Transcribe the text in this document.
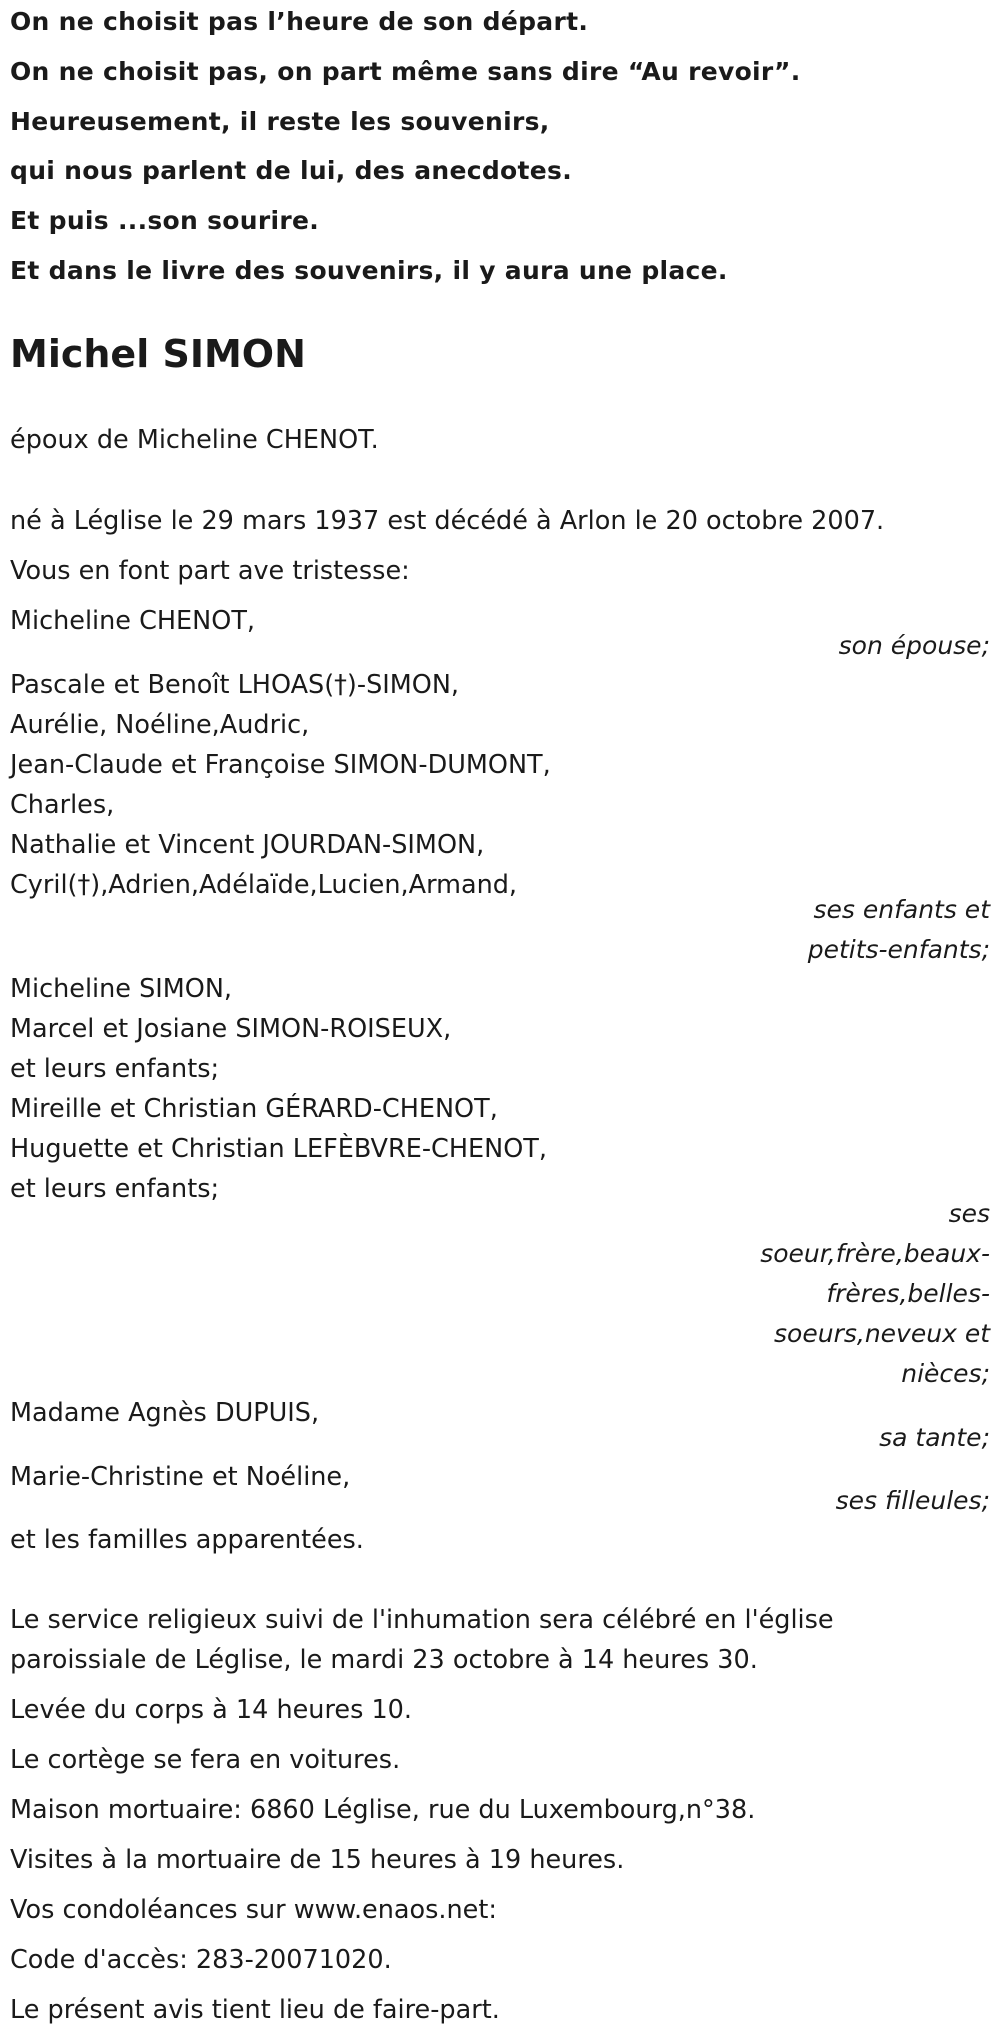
On ne choisit pas l’heure de son départ.
On ne choisit pas, on part même sans dire “Au revoir”.
Heureusement, il reste les souvenirs,
qui nous parlent de lui, des anecdotes.
Et puis ...son sourire.
Et dans le livre des souvenirs, il y aura une place.
Michel SIMON
époux de Micheline CHENOT.
né à Léglise le 29 mars 1937 est décédé à Arlon le 20 octobre 2007.
Vous en font part ave tristesse:
Micheline CHENOT,
son épouse;
Pascale et Benoît LHOAS(†)-SIMON,
Aurélie, Noéline,Audric,
Jean-Claude et Françoise SIMON-DUMONT,
Charles,
Nathalie et Vincent JOURDAN-SIMON,
Cyril(†),Adrien,Adélaïde,Lucien,Armand,
ses enfants et
petits-enfants;
Micheline SIMON,
Marcel et Josiane SIMON-ROISEUX,
et leurs enfants;
Mireille et Christian GÉRARD-CHENOT,
Huguette et Christian LEFÈBVRE-CHENOT,
et leurs enfants;
ses
soeur,frère,beaux-
frères,belles-
soeurs,neveux et
nièces;
Madame Agnès DUPUIS,
sa tante;
Marie-Christine et Noéline,
ses filleules;
et les familles apparentées.
Le service religieux suivi de l'inhumation sera célébré en l'église
paroissiale de Léglise, le mardi 23 octobre à 14 heures 30.
Levée du corps à 14 heures 10.
Le cortège se fera en voitures.
Maison mortuaire: 6860 Léglise, rue du Luxembourg,n°38.
Visites à la mortuaire de 15 heures à 19 heures.
Vos condoléances sur www.enaos.net:
Code d'accès: 283-20071020.
Le présent avis tient lieu de faire-part.
